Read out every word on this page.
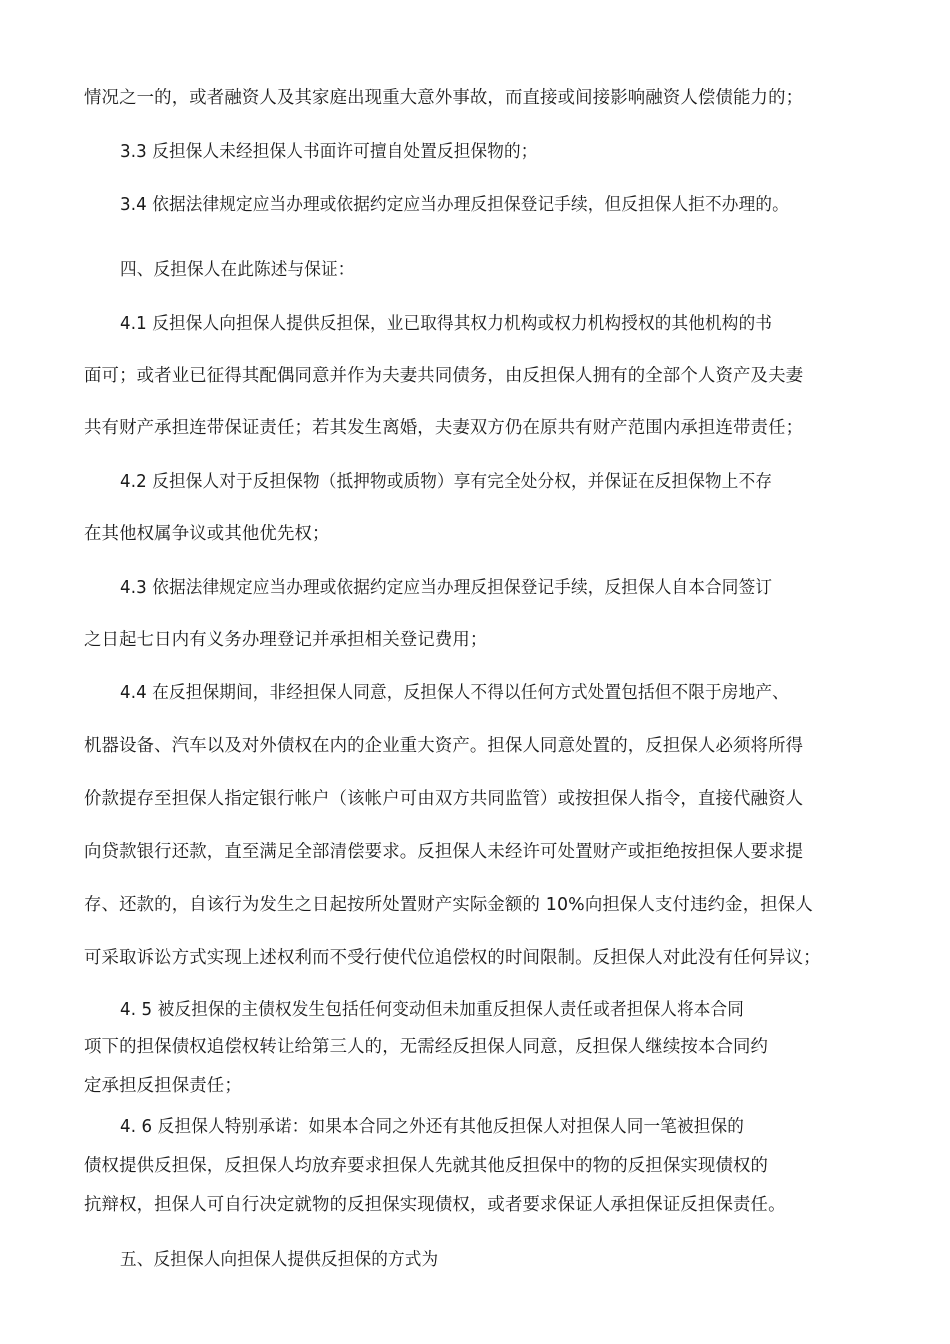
情况之一的，或者融资人及其家庭出现重大意外事故，而直接或间接影响融资人偿债能力的；

3.3 反担保人未经担保人书面许可擅自处置反担保物的；

3.4 依据法律规定应当办理或依据约定应当办理反担保登记手续，但反担保人拒不办理的。

四、反担保人在此陈述与保证：

4.1 反担保人向担保人提供反担保，业已取得其权力机构或权力机构授权的其他机构的书

面可；或者业已征得其配偶同意并作为夫妻共同债务，由反担保人拥有的全部个人资产及夫妻

共有财产承担连带保证责任；若其发生离婚，夫妻双方仍在原共有财产范围内承担连带责任；

4.2 反担保人对于反担保物（抵押物或质物）享有完全处分权，并保证在反担保物上不存

在其他权属争议或其他优先权；

4.3 依据法律规定应当办理或依据约定应当办理反担保登记手续，反担保人自本合同签订

之日起七日内有义务办理登记并承担相关登记费用；

4.4 在反担保期间，非经担保人同意，反担保人不得以任何方式处置包括但不限于房地产、

机器设备、汽车以及对外债权在内的企业重大资产。担保人同意处置的，反担保人必须将所得

价款提存至担保人指定银行帐户（该帐户可由双方共同监管）或按担保人指令，直接代融资人

向贷款银行还款，直至满足全部清偿要求。反担保人未经许可处置财产或拒绝按担保人要求提

存、还款的，自该行为发生之日起按所处置财产实际金额的 10%向担保人支付违约金，担保人

可采取诉讼方式实现上述权利而不受行使代位追偿权的时间限制。反担保人对此没有任何异议；

4. 5 被反担保的主债权发生包括任何变动但未加重反担保人责任或者担保人将本合同

项下的担保债权追偿权转让给第三人的，无需经反担保人同意，反担保人继续按本合同约

定承担反担保责任；

4. 6 反担保人特别承诺：如果本合同之外还有其他反担保人对担保人同一笔被担保的

债权提供反担保，反担保人均放弃要求担保人先就其他反担保中的物的反担保实现债权的

抗辩权，担保人可自行决定就物的反担保实现债权，或者要求保证人承担保证反担保责任。

五、反担保人向担保人提供反担保的方式为
